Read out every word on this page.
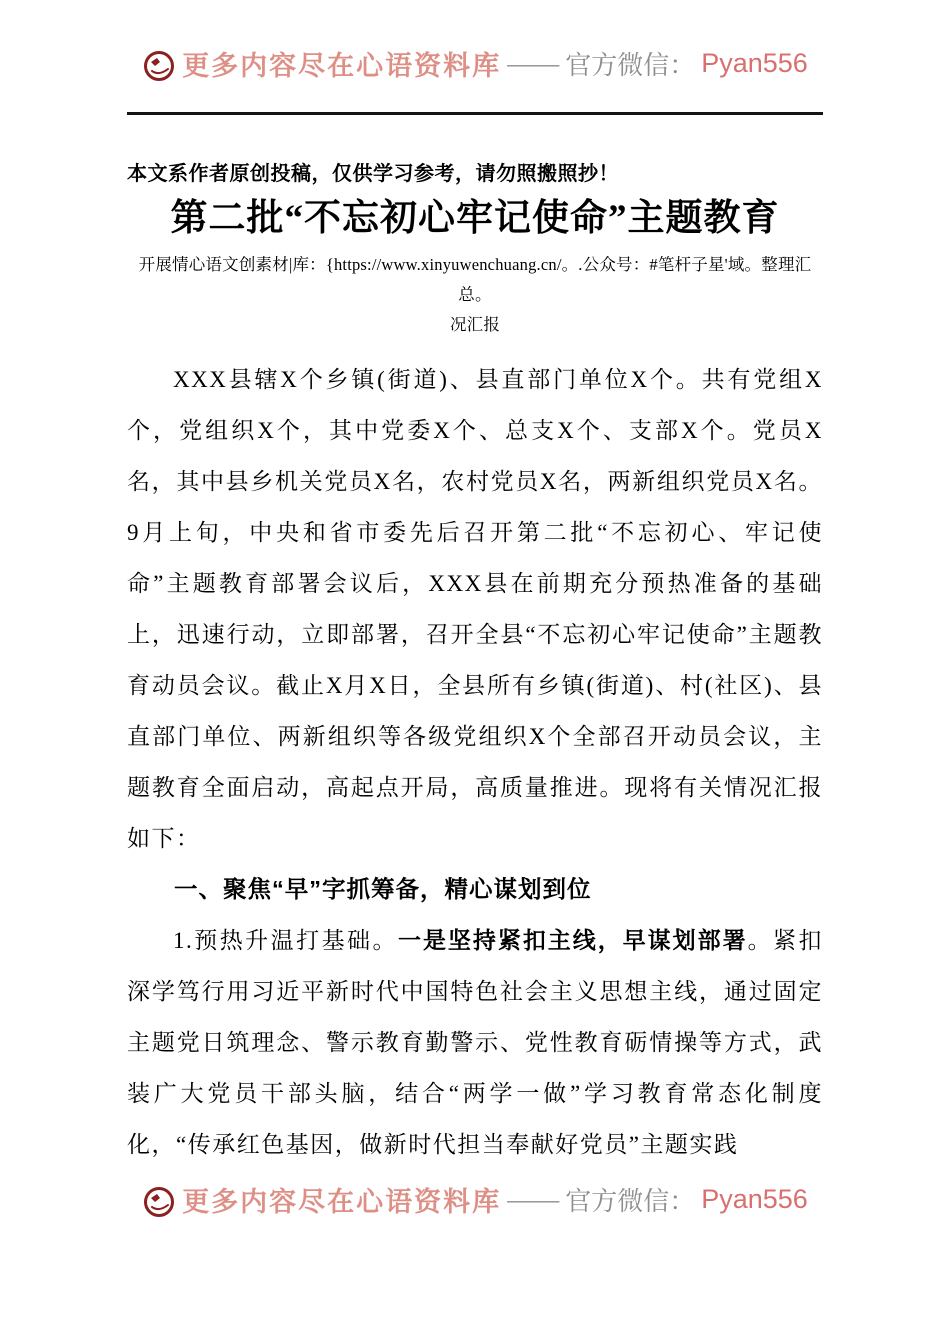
更多内容尽在心语资料库 —— 官方微信： Pyan556

本文系作者原创投稿，仅供学习参考，请勿照搬照抄！

第二批“不忘初心牢记使命”主题教育
开展情心语文创素材|库：{https://www.xinyuwenchuang.cn/。.公众号：#笔杆子星'域。整理汇总。
况汇报

XXX县辖X个乡镇(街道)、县直部门单位X个。共有党组X个，党组织X个，其中党委X个、总支X个、支部X个。党员X名，其中县乡机关党员X名，农村党员X名，两新组织党员X名。9月上旬，中央和省市委先后召开第二批“不忘初心、牢记使命”主题教育部署会议后，XXX县在前期充分预热准备的基础上，迅速行动，立即部署，召开全县“不忘初心牢记使命”主题教育动员会议。截止X月X日，全县所有乡镇(街道)、村(社区)、县直部门单位、两新组织等各级党组织X个全部召开动员会议，主题教育全面启动，高起点开局，高质量推进。现将有关情况汇报如下：

一、聚焦“早”字抓筹备，精心谋划到位

1.预热升温打基础。一是坚持紧扣主线，早谋划部署。紧扣深学笃行用习近平新时代中国特色社会主义思想主线，通过固定主题党日筑理念、警示教育勤警示、党性教育砺情操等方式，武装广大党员干部头脑，结合“两学一做”学习教育常态化制度化，“传承红色基因，做新时代担当奉献好党员”主题实践

更多内容尽在心语资料库 —— 官方微信： Pyan556
